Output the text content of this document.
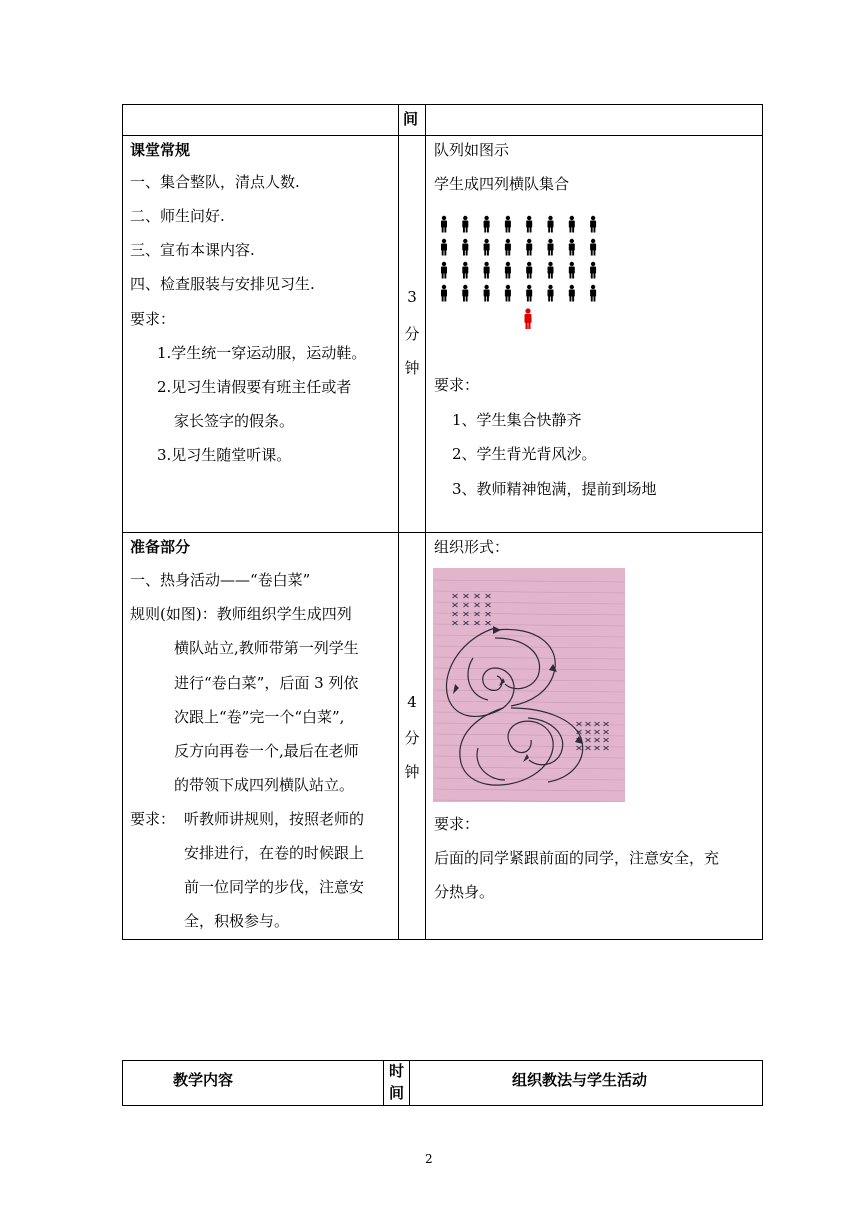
间
课堂常规
一、集合整队，清点人数.
二、师生问好.
三、宣布本课内容.
四、检查服装与安排见习生.
要求：
1.学生统一穿运动服，运动鞋。
2.见习生请假要有班主任或者
家长签字的假条。
3.见习生随堂听课。
3
分
钟
队列如图示
学生成四列横队集合
要求：
1、学生集合快静齐
2、学生背光背风沙。
3、教师精神饱满，提前到场地
准备部分
一、热身活动——“卷白菜”
规则(如图)：教师组织学生成四列
横队站立,教师带第一列学生
进行“卷白菜”，后面 3 列依
次跟上“卷”完一个“白菜”,
反方向再卷一个,最后在老师
的带领下成四列横队站立。
要求： 听教师讲规则，按照老师的
安排进行，在卷的时候跟上
前一位同学的步伐，注意安
全，积极参与。
4
分
钟
组织形式：
要求：
后面的同学紧跟前面的同学，注意安全，充
分热身。
教学内容	时
间
组织教法与学生活动
2
